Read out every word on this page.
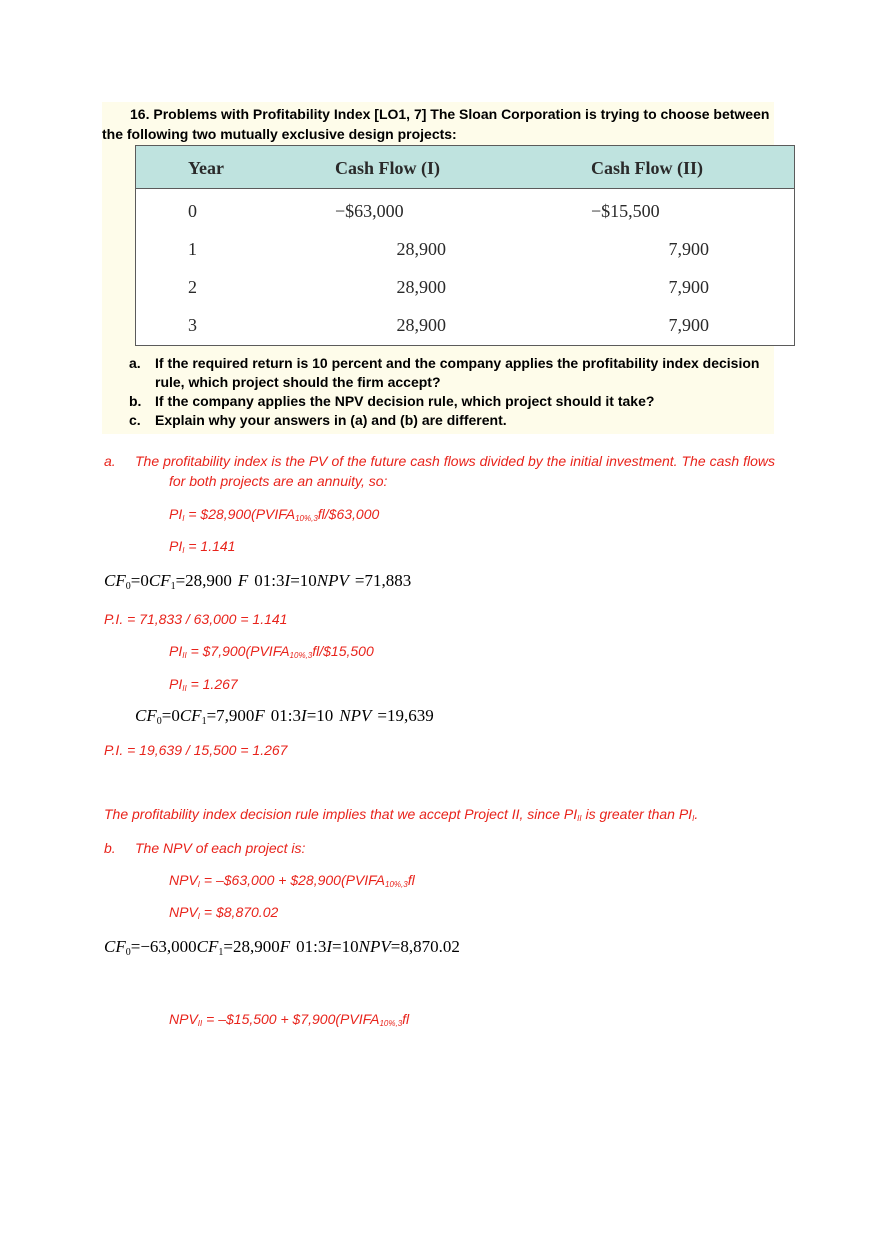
16. Problems with Profitability Index [LO1, 7] The Sloan Corporation is trying to choose between the following two mutually exclusive design projects:
Year	Cash Flow (I)	Cash Flow (II)
0	−$63,000	−$15,500
1	28,900	7,900
2	28,900	7,900
3	28,900	7,900
a. If the required return is 10 percent and the company applies the profitability index decision rule, which project should the firm accept?
b. If the company applies the NPV decision rule, which project should it take?
c. Explain why your answers in (a) and (b) are different.
a. The profitability index is the PV of the future cash flows divided by the initial investment. The cash flows for both projects are an annuity, so:
$PI_I$ = $\$28,900(PVIFA_{10\%,3}fl/\$63,000$
$PI_I = 1.141$
$CF_0=0CF_1=28,900$ F 01:3I=10NPV =71,883
P.I. = 71,833 / 63,000 = 1.141
$PI_{II}$ = $\$7,900(PVIFA_{10\%,3}fl/\$15,500$
$PI_{II} = 1.267$
$CF_0=0CF_1=7,900F$ 01:3I=10 NPV =19,639
P.I. = 19,639 / 15,500 = 1.267
The profitability index decision rule implies that we accept Project II, since $PI_{II}$ is greater than $PI_I$.
b. The NPV of each project is:
$NPV_I$ = –$63,000 + $\$28,900(PVIFA_{10\%,3}fl$
$NPV_I$ = $8,870.02
$CF_0=-63,000CF_1=28,900F$ 01:3I=10NPV=8,870.02
$NPV_{II}$ = –$15,500 + $\$7,900(PVIFA_{10\%,3}fl$
